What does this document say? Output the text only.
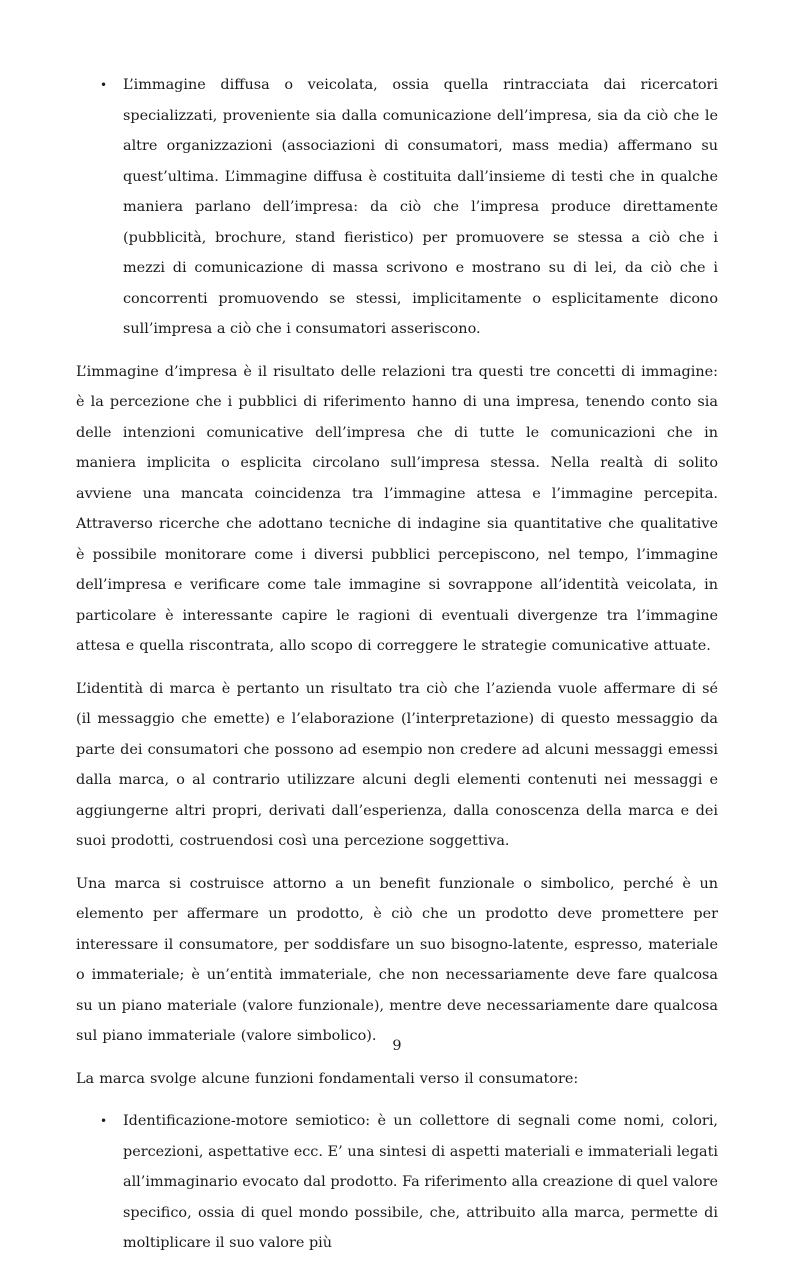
• L’immagine diffusa o veicolata, ossia quella rintracciata dai ricercatori specializzati, proveniente sia dalla comunicazione dell’impresa, sia da ciò che le altre organizzazioni (associazioni di consumatori, mass media) affermano su quest’ultima. L’immagine diffusa è costituita dall’insieme di testi che in qualche maniera parlano dell’impresa: da ciò che l’impresa produce direttamente (pubblicità, brochure, stand fieristico) per promuovere se stessa a ciò che i mezzi di comunicazione di massa scrivono e mostrano su di lei, da ciò che i concorrenti promuovendo se stessi, implicitamente o esplicitamente dicono sull’impresa a ciò che i consumatori asseriscono.

L’immagine d’impresa è il risultato delle relazioni tra questi tre concetti di immagine: è la percezione che i pubblici di riferimento hanno di una impresa, tenendo conto sia delle intenzioni comunicative dell’impresa che di tutte le comunicazioni che in maniera implicita o esplicita circolano sull’impresa stessa. Nella realtà di solito avviene una mancata coincidenza tra l’immagine attesa e l’immagine percepita. Attraverso ricerche che adottano tecniche di indagine sia quantitative che qualitative è possibile monitorare come i diversi pubblici percepiscono, nel tempo, l’immagine dell’impresa e verificare come tale immagine si sovrappone all’identità veicolata, in particolare è interessante capire le ragioni di eventuali divergenze tra l’immagine attesa e quella riscontrata, allo scopo di correggere le strategie comunicative attuate.

L’identità di marca è pertanto un risultato tra ciò che l’azienda vuole affermare di sé (il messaggio che emette) e l’elaborazione (l’interpretazione) di questo messaggio da parte dei consumatori che possono ad esempio non credere ad alcuni messaggi emessi dalla marca, o al contrario utilizzare alcuni degli elementi contenuti nei messaggi e aggiungerne altri propri, derivati dall’esperienza, dalla conoscenza della marca e dei suoi prodotti, costruendosi così una percezione soggettiva.

Una marca si costruisce attorno a un benefit funzionale o simbolico, perché è un elemento per affermare un prodotto, è ciò che un prodotto deve promettere per interessare il consumatore, per soddisfare un suo bisogno-latente, espresso, materiale o immateriale; è un’entità immateriale, che non necessariamente deve fare qualcosa su un piano materiale (valore funzionale), mentre deve necessariamente dare qualcosa sul piano immateriale (valore simbolico).

La marca svolge alcune funzioni fondamentali verso il consumatore:

• Identificazione-motore semiotico: è un collettore di segnali come nomi, colori, percezioni, aspettative ecc. E’ una sintesi di aspetti materiali e immateriali legati all’immaginario evocato dal prodotto. Fa riferimento alla creazione di quel valore specifico, ossia di quel mondo possibile, che, attribuito alla marca, permette di moltiplicare il suo valore più
9
